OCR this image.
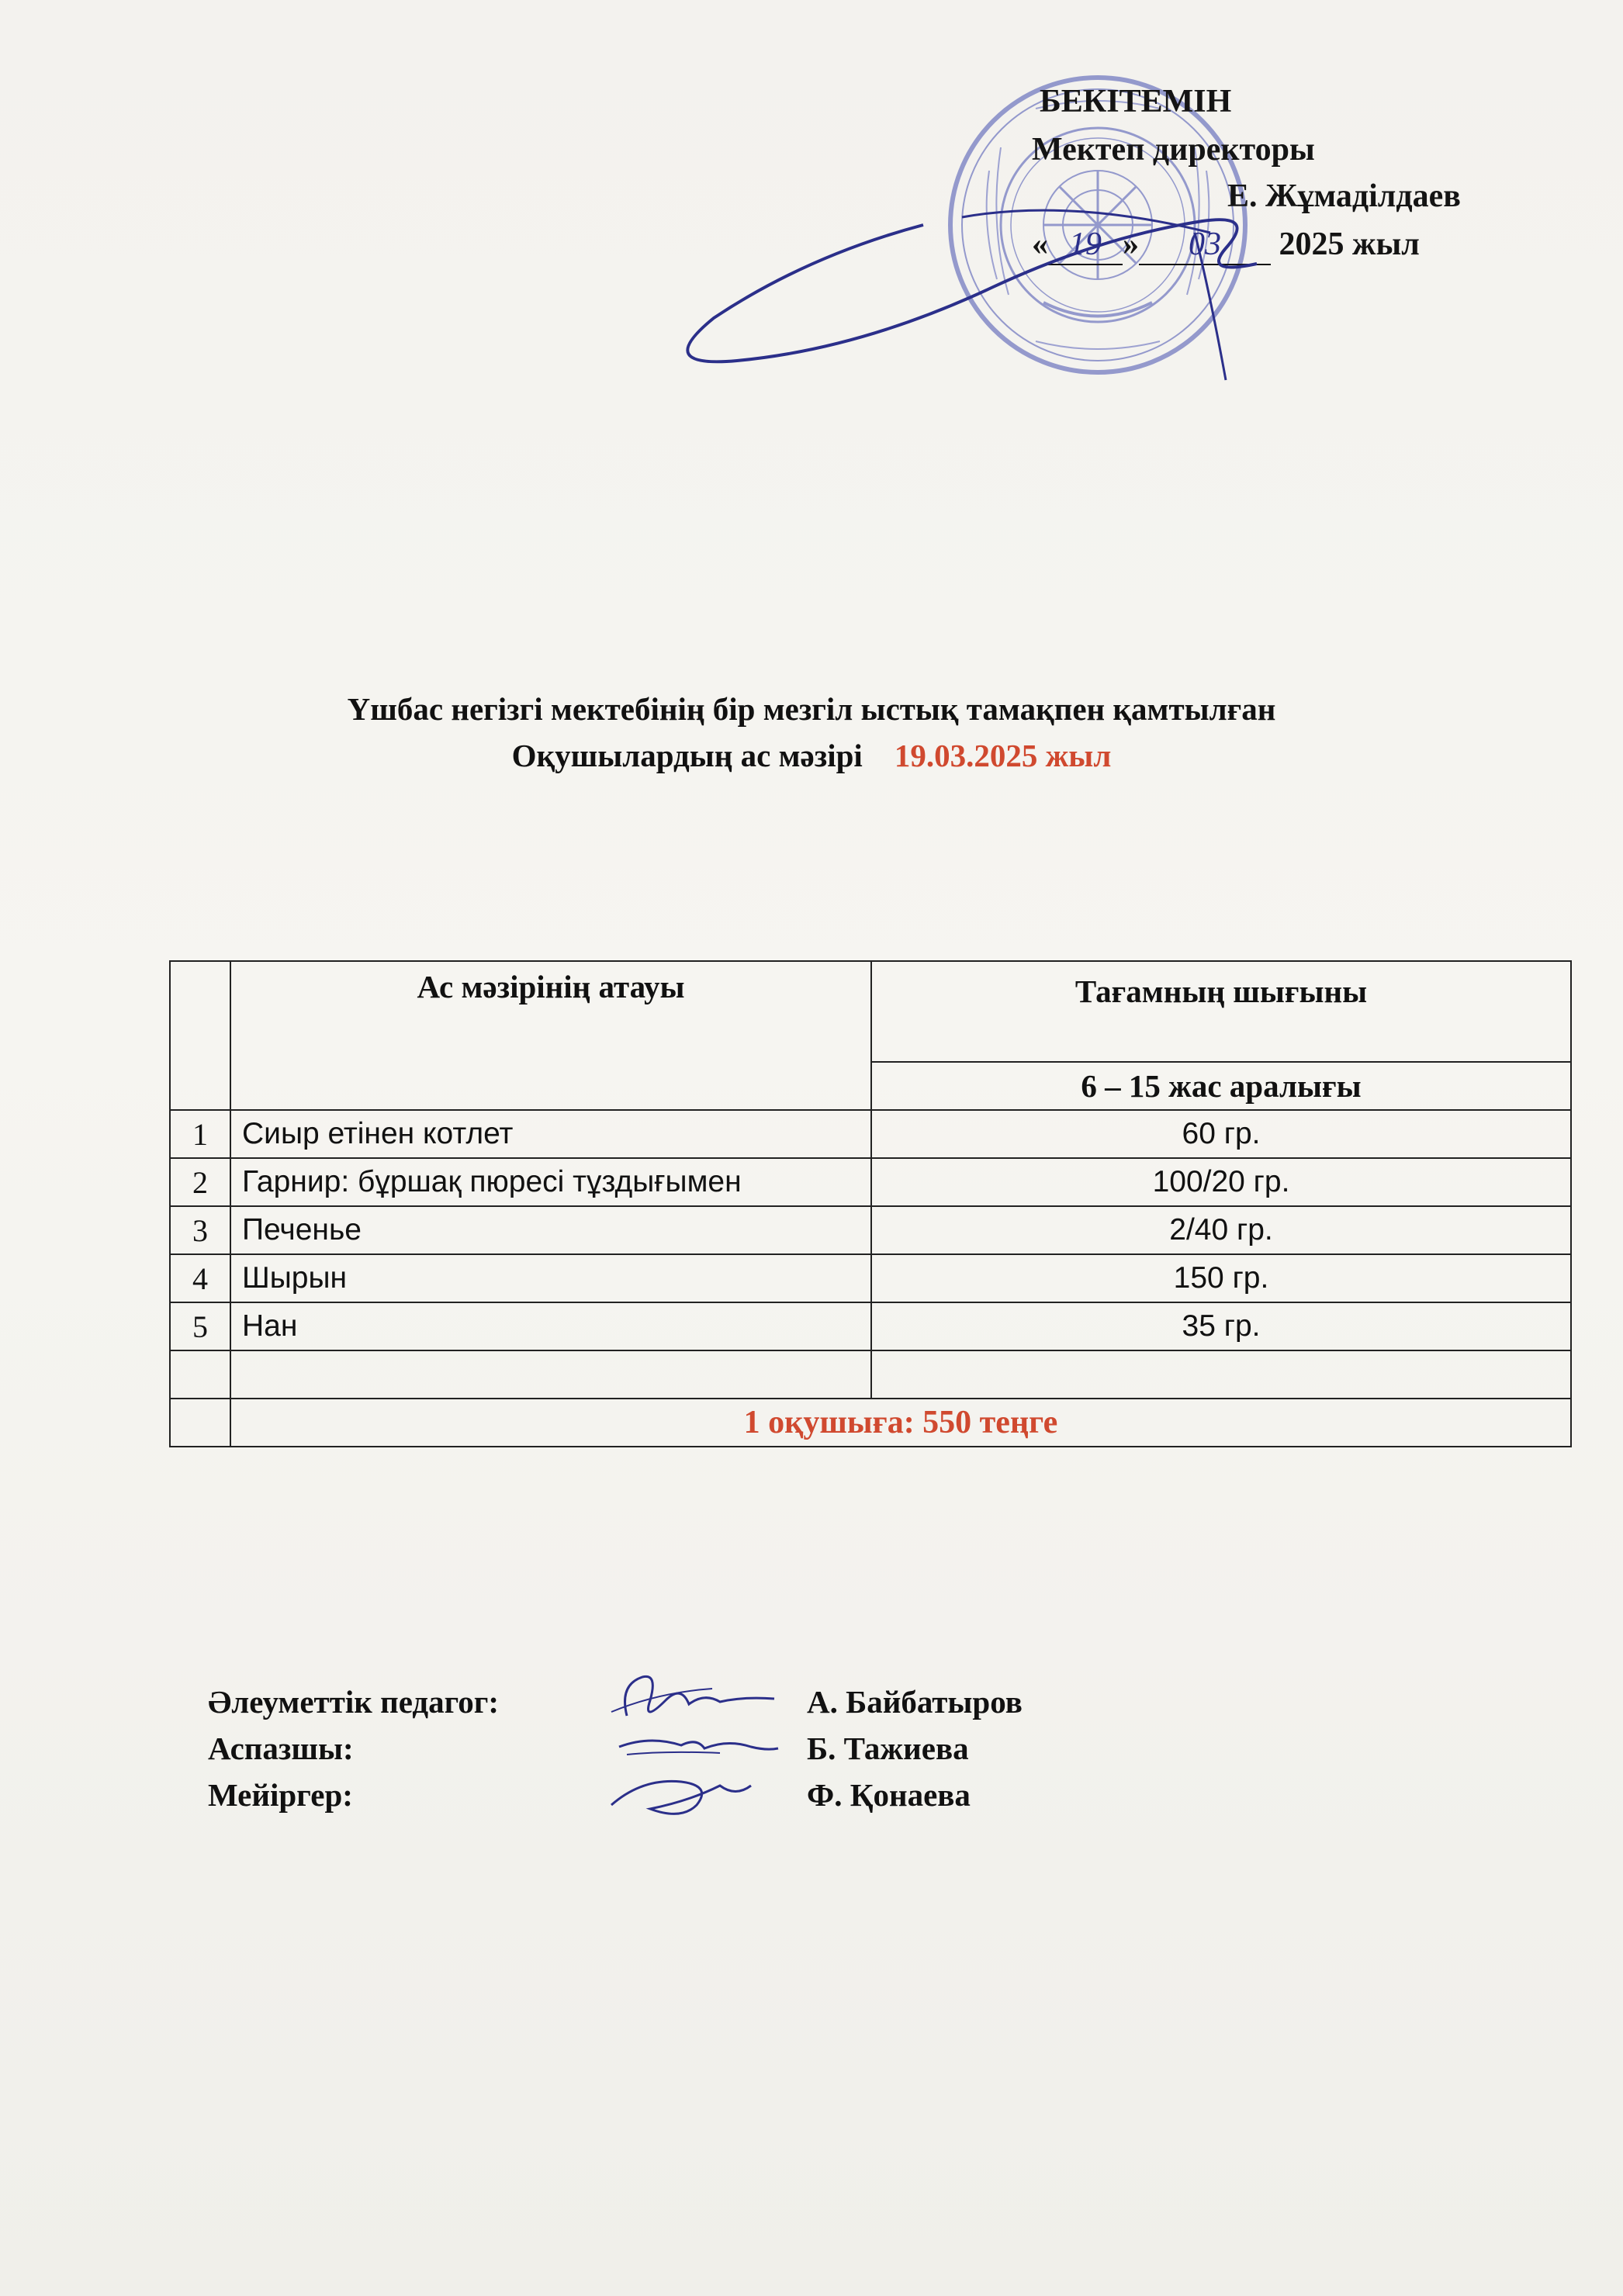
БЕКІТЕМІН
Мектеп директоры
Е. Жұмаділдаев
« 19 » 03 2025 жыл
Үшбас негізгі мектебінің бір мезгіл ыстық тамақпен қамтылған
Оқушылардың ас мәзірі 19.03.2025 жыл
	Ас мәзірінің атауы	Тағамның шығыны
		6 – 15 жас аралығы
1	Сиыр етінен котлет	60 гр.
2	Гарнир: бұршақ пюресі тұздығымен	100/20 гр.
3	Печенье	2/40 гр.
4	Шырын	150 гр.
5	Нан	35 гр.

	1 оқушыға: 550 теңге	
Әлеуметтік педагог:	А. Байбатыров
Аспазшы:	Б. Тажиева
Мейіргер:	Ф. Қонаева
